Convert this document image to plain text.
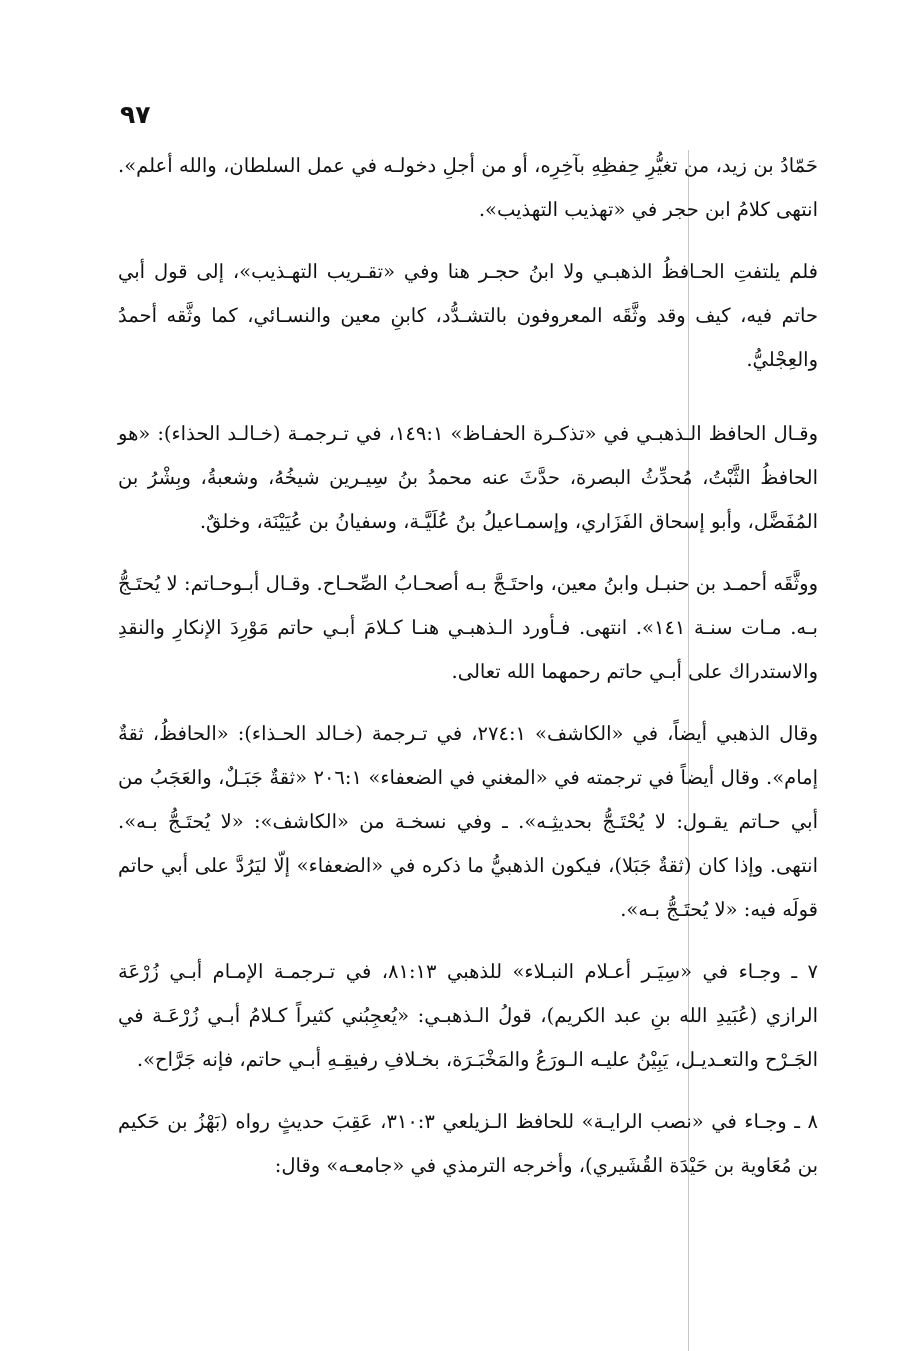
٩٧

حَمّادُ بن زيد، من تغيُّرِ حِفظِهِ بآخِرِه، أو من أجلِ دخولـه في عمل السلطان، والله أعلم». انتهى كلامُ ابن حجر في «تهذيب التهذيب».

فلم يلتفتِ الحـافظُ الذهبـي ولا ابنُ حجـر هنا وفي «تقـريب التهـذيب»، إلى قول أبي حاتم فيه، كيف وقد وثَّقَه المعروفون بالتشـدُّد، كابنِ معين والنسـائي، كما وثَّقه أحمدُ والعِجْليُّ.

وقـال الحافظ الـذهبـي في «تذكـرة الحفـاظ» ١٤٩:١، في تـرجمـة (خـالـد الحذاء): «هو الحافظُ الثَّبْتُ، مُحدِّثُ البصرة، حدَّثَ عنه محمدُ بنُ سِيـرين شيخُهُ، وشعبةُ، وبِشْرُ بن المُفَضَّل، وأبو إسحاق الفَزَاري، وإسمـاعيلُ بنُ عُلَيَّـة، وسفيانُ بن عُيَيْنَة، وخلقٌ.

ووثَّقَه أحمـد بن حنبـل وابنُ معين، واحتَـجَّ بـه أصحـابُ الصِّحـاح. وقـال أبـوحـاتم: لا يُحتَـجُّ بـه. مـات سنـة ١٤١». انتهى. فـأورد الـذهبـي هنـا كـلامَ أبـي حاتم مَوْرِدَ الإنكارِ والنقدِ والاستدراك على أبـي حاتم رحمهما الله تعالى.

وقال الذهبي أيضاً، في «الكاشف» ٢٧٤:١، في تـرجمة (خـالد الحـذاء): «الحافظُ، ثقةٌ إمام». وقال أيضاً في ترجمته في «المغني في الضعفاء» ٢٠٦:١ «ثقةٌ جَبَـلٌ، والعَجَبُ من أبي حـاتم يقـول: لا يُحْتَـجُّ بحديثِـه». ـ وفي نسخـة من «الكاشف»: «لا يُحتَـجُّ بـه». انتهى. وإذا كان (ثقةٌ جَبَلا)، فيكون الذهبيُّ ما ذكره في «الضعفاء» إلّا ليَرُدَّ على أبي حاتم قولَه فيه: «لا يُحتَـجُّ بـه».

٧ ـ وجـاء في «سِيَـر أعـلام النبـلاء» للذهبي ٨١:١٣، في تـرجمـة الإمـام أبـي زُرْعَة الرازي (عُبَيدِ الله بنِ عبد الكريم)، قولُ الـذهبـي: «يُعجِبُني كثيراً كـلامُ أبـي زُرْعَـة في الجَـرْح والتعـديـل، يَبِيْنُ عليـه الـورَعُ والمَخْبَـرَة، بخـلافِ رفيقِـهِ أبـي حاتم، فإنه جَرَّاح».

٨ ـ وجـاء في «نصب الرايـة» للحافظ الـزيلعي ٣١٠:٣، عَقِبَ حديثٍ رواه (بَهْزُ بن حَكيم بن مُعَاوية بن حَيْدَة القُشَيري)، وأخرجه الترمذي في «جامعـه» وقال:
